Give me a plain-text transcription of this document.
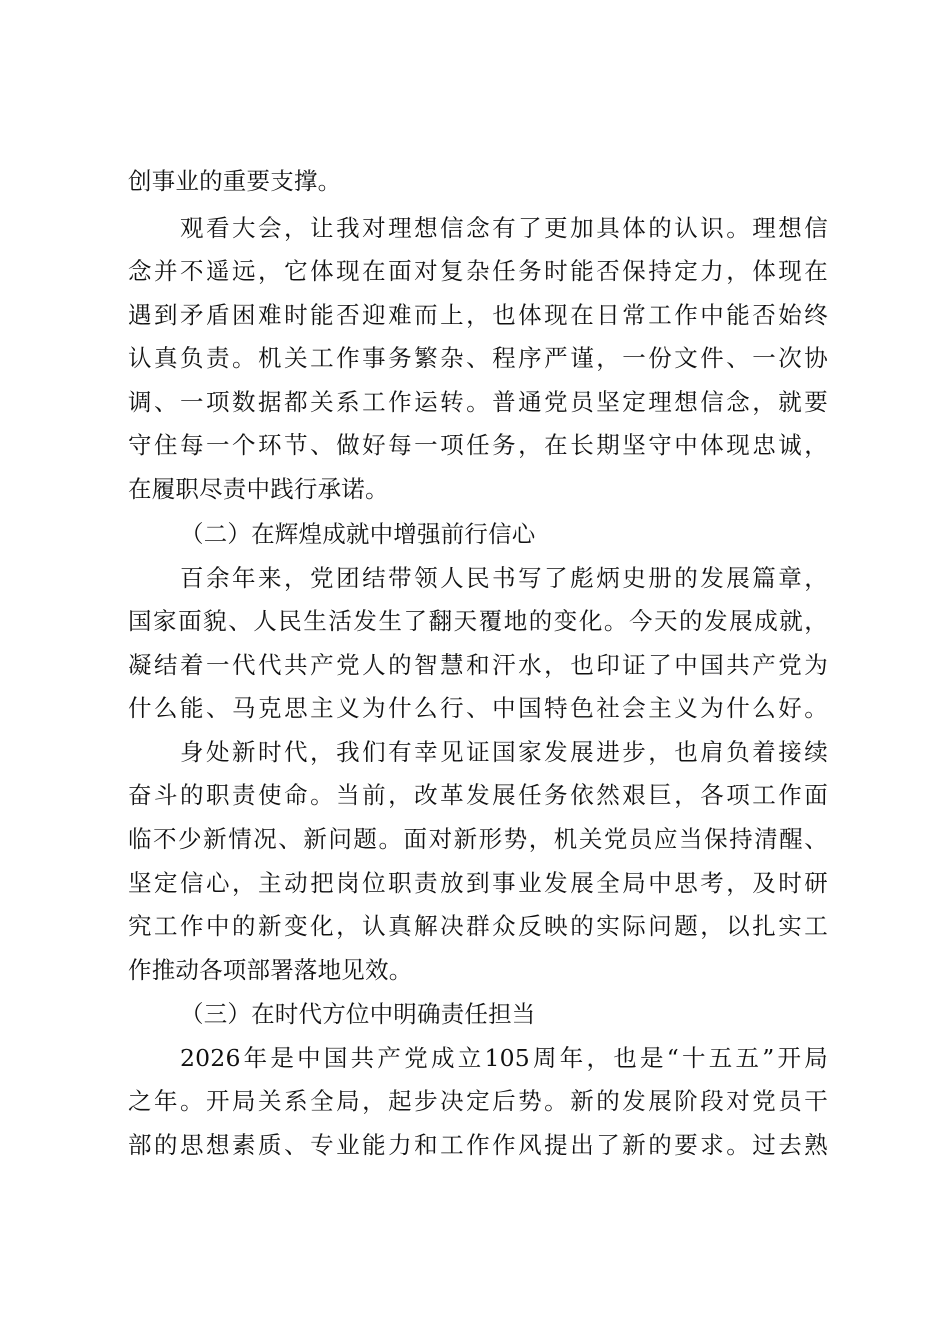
创事业的重要支撑。
观看大会，让我对理想信念有了更加具体的认识。理想信
念并不遥远，它体现在面对复杂任务时能否保持定力，体现在
遇到矛盾困难时能否迎难而上，也体现在日常工作中能否始终
认真负责。机关工作事务繁杂、程序严谨，一份文件、一次协
调、一项数据都关系工作运转。普通党员坚定理想信念，就要
守住每一个环节、做好每一项任务，在长期坚守中体现忠诚，
在履职尽责中践行承诺。
（二）在辉煌成就中增强前行信心
百余年来，党团结带领人民书写了彪炳史册的发展篇章，
国家面貌、人民生活发生了翻天覆地的变化。今天的发展成就，
凝结着一代代共产党人的智慧和汗水，也印证了中国共产党为
什么能、马克思主义为什么行、中国特色社会主义为什么好。
身处新时代，我们有幸见证国家发展进步，也肩负着接续
奋斗的职责使命。当前，改革发展任务依然艰巨，各项工作面
临不少新情况、新问题。面对新形势，机关党员应当保持清醒、
坚定信心，主动把岗位职责放到事业发展全局中思考，及时研
究工作中的新变化，认真解决群众反映的实际问题，以扎实工
作推动各项部署落地见效。
（三）在时代方位中明确责任担当
2026年是中国共产党成立105周年，也是“十五五”开局
之年。开局关系全局，起步决定后势。新的发展阶段对党员干
部的思想素质、专业能力和工作作风提出了新的要求。过去熟
